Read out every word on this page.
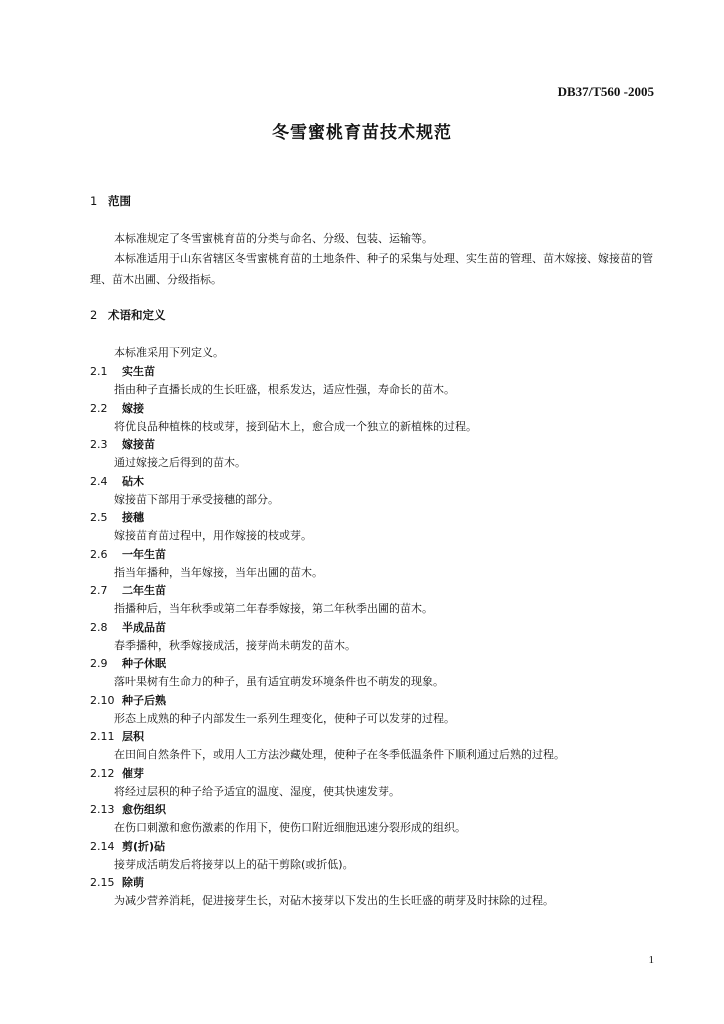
DB37/T560 -2005
冬雪蜜桃育苗技术规范
1 范围
本标准规定了冬雪蜜桃育苗的分类与命名、分级、包装、运输等。
本标准适用于山东省辖区冬雪蜜桃育苗的土地条件、种子的采集与处理、实生苗的管理、苗木嫁接、嫁接苗的管理、苗木出圃、分级指标。
2 术语和定义
本标准采用下列定义。
2.1 实生苗
指由种子直播长成的生长旺盛，根系发达，适应性强，寿命长的苗木。
2.2 嫁接
将优良品种植株的枝或芽，接到砧木上，愈合成一个独立的新植株的过程。
2.3 嫁接苗
通过嫁接之后得到的苗木。
2.4 砧木
嫁接苗下部用于承受接穗的部分。
2.5 接穗
嫁接苗育苗过程中，用作嫁接的枝或芽。
2.6 一年生苗
指当年播种，当年嫁接，当年出圃的苗木。
2.7 二年生苗
指播种后，当年秋季或第二年春季嫁接，第二年秋季出圃的苗木。
2.8 半成品苗
春季播种，秋季嫁接成活，接芽尚未萌发的苗木。
2.9 种子休眠
落叶果树有生命力的种子，虽有适宜萌发环境条件也不萌发的现象。
2.10 种子后熟
形态上成熟的种子内部发生一系列生理变化，使种子可以发芽的过程。
2.11 层积
在田间自然条件下，或用人工方法沙藏处理，使种子在冬季低温条件下顺利通过后熟的过程。
2.12 催芽
将经过层积的种子给予适宜的温度、湿度，使其快速发芽。
2.13 愈伤组织
在伤口刺激和愈伤激素的作用下，使伤口附近细胞迅速分裂形成的组织。
2.14 剪(折)砧
接芽成活萌发后将接芽以上的砧干剪除(或折低)。
2.15 除萌
为减少营养消耗，促进接芽生长，对砧木接芽以下发出的生长旺盛的萌芽及时抹除的过程。
1
